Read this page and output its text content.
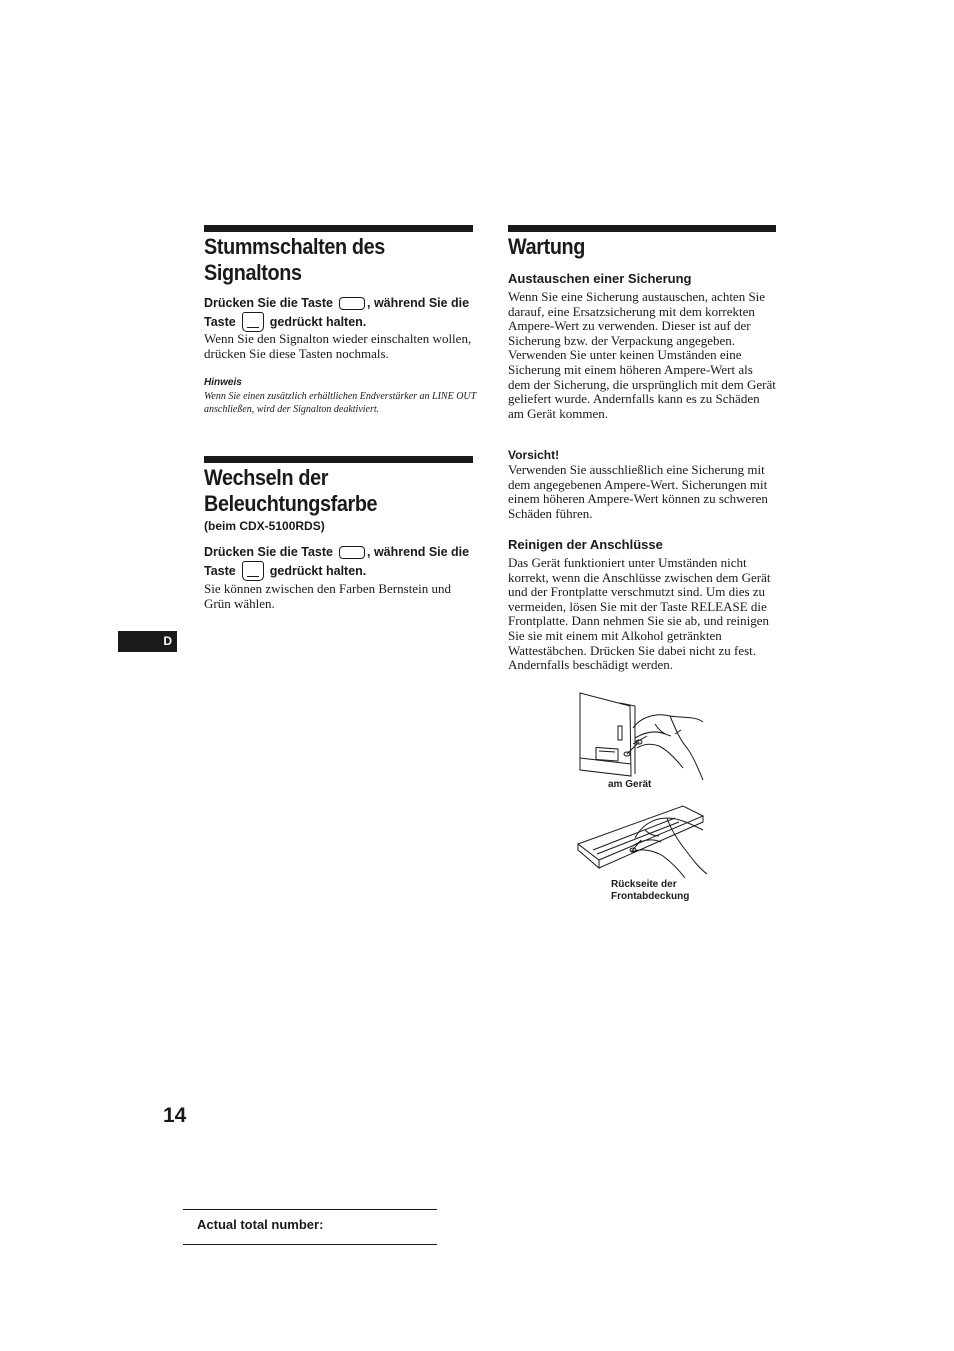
Stummschalten des Signaltons
Drücken Sie die Taste	, während Sie die Taste	gedrückt halten.
Wenn Sie den Signalton wieder einschalten wollen, drücken Sie diese Tasten nochmals.
Hinweis
Wenn Sie einen zusätzlich erhältlichen Endverstärker an LINE OUT anschließen, wird der Signalton deaktiviert.
Wechseln der Beleuchtungsfarbe
(beim CDX-5100RDS)
Drücken Sie die Taste	, während Sie die Taste	gedrückt halten.
Sie können zwischen den Farben Bernstein und Grün wählen.
D
Wartung
Austauschen einer Sicherung
Wenn Sie eine Sicherung austauschen, achten Sie darauf, eine Ersatzsicherung mit dem korrekten Ampere-Wert zu verwenden. Dieser ist auf der Sicherung bzw. der Verpackung angegeben. Verwenden Sie unter keinen Umständen eine Sicherung mit einem höheren Ampere-Wert als dem der Sicherung, die ursprünglich mit dem Gerät geliefert wurde. Andernfalls kann es zu Schäden am Gerät kommen.
Vorsicht!
Verwenden Sie ausschließlich eine Sicherung mit dem angegebenen Ampere-Wert. Sicherungen mit einem höheren Ampere-Wert können zu schweren Schäden führen.
Reinigen der Anschlüsse
Das Gerät funktioniert unter Umständen nicht korrekt, wenn die Anschlüsse zwischen dem Gerät und der Frontplatte verschmutzt sind. Um dies zu vermeiden, lösen Sie mit der Taste RELEASE die Frontplatte. Dann nehmen Sie sie ab, und reinigen Sie sie mit einem mit Alkohol getränkten Wattestäbchen. Drücken Sie dabei nicht zu fest. Andernfalls beschädigt werden.
am Gerät
Rückseite der
Frontabdeckung
14
Actual total number:
